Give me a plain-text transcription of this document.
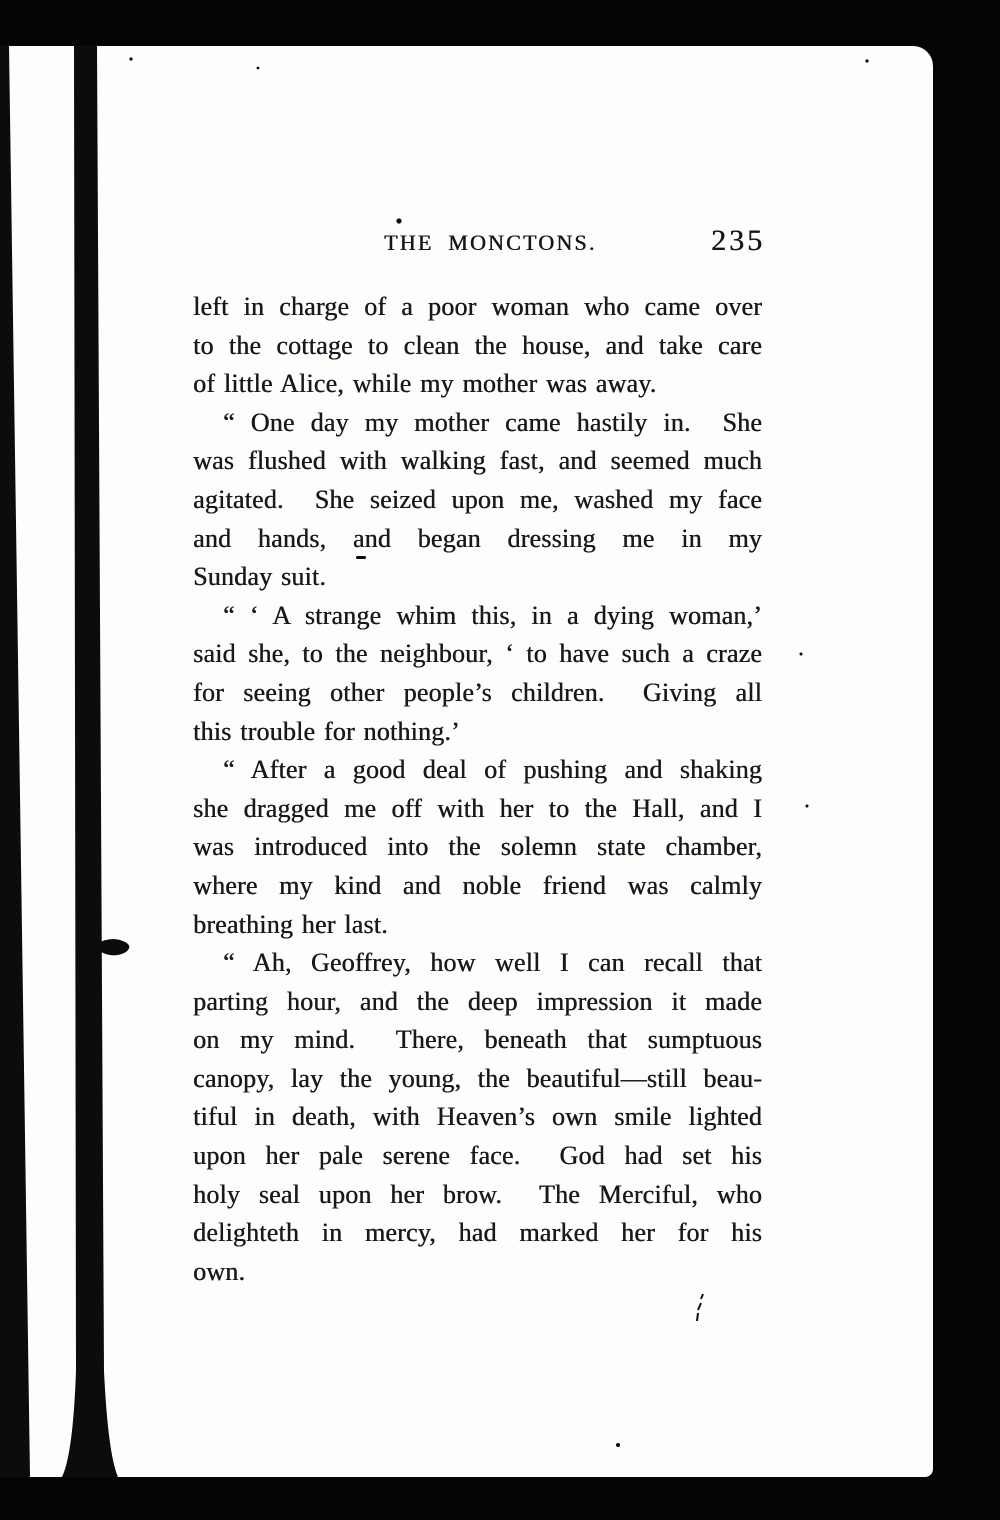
THE MONCTONS.	235
left in charge of a poor woman who came over
to the cottage to clean the house, and take care
of little Alice, while my mother was away.
“ One day my mother came hastily in.  She
was flushed with walking fast, and seemed much
agitated.  She seized upon me, washed my face
and hands, and began dressing me in my
Sunday suit.
“ ‘ A strange whim this, in a dying woman,’
said she, to the neighbour, ‘ to have such a craze
for seeing other people’s children.  Giving all
this trouble for nothing.’
“ After a good deal of pushing and shaking
she dragged me off with her to the Hall, and I
was introduced into the solemn state chamber,
where my kind and noble friend was calmly
breathing her last.
“ Ah, Geoffrey, how well I can recall that
parting hour, and the deep impression it made
on my mind.  There, beneath that sumptuous
canopy, lay the young, the beautiful—still beau-
tiful in death, with Heaven’s own smile lighted
upon her pale serene face.  God had set his
holy seal upon her brow.  The Merciful, who
delighteth in mercy, had marked her for his
own.
